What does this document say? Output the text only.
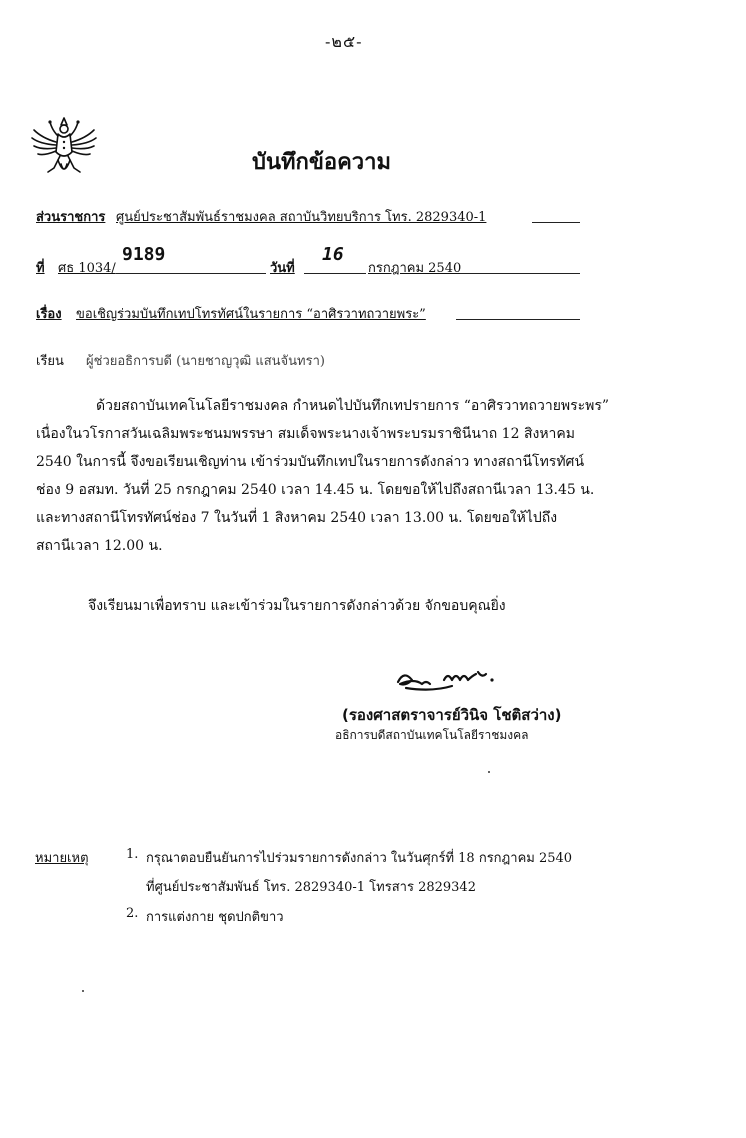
-๒๕-
บันทึกข้อความ
ส่วนราชการ ศูนย์ประชาสัมพันธ์ราชมงคล สถาบันวิทยบริการ โทร. 2829340-1
ที่ ศธ 1034/
9189
วันที่
16
กรกฎาคม 2540
เรื่อง ขอเชิญร่วมบันทึกเทปโทรทัศน์ในรายการ “อาศิรวาทถวายพระ”
เรียน ผู้ช่วยอธิการบดี (นายชาญวุฒิ แสนจันทรา)
ด้วยสถาบันเทคโนโลยีราชมงคล กำหนดไปบันทึกเทปรายการ “อาศิรวาทถวายพระพร”
เนื่องในวโรกาสวันเฉลิมพระชนมพรรษา สมเด็จพระนางเจ้าพระบรมราชินีนาถ 12 สิงหาคม
2540 ในการนี้ จึงขอเรียนเชิญท่าน เข้าร่วมบันทึกเทปในรายการดังกล่าว ทางสถานีโทรทัศน์
ช่อง 9 อสมท. วันที่ 25 กรกฎาคม 2540 เวลา 14.45 น. โดยขอให้ไปถึงสถานีเวลา 13.45 น.
และทางสถานีโทรทัศน์ช่อง 7 ในวันที่ 1 สิงหาคม 2540 เวลา 13.00 น. โดยขอให้ไปถึง
สถานีเวลา 12.00 น.
จึงเรียนมาเพื่อทราบ และเข้าร่วมในรายการดังกล่าวด้วย จักขอบคุณยิ่ง
(รองศาสตราจารย์วินิจ โชติสว่าง)
อธิการบดีสถาบันเทคโนโลยีราชมงคล
หมายเหตุ	1. กรุณาตอบยืนยันการไปร่วมรายการดังกล่าว ในวันศุกร์ที่ 18 กรกฎาคม 2540
ที่ศูนย์ประชาสัมพันธ์ โทร. 2829340-1 โทรสาร 2829342
2. การแต่งกาย ชุดปกติขาว
